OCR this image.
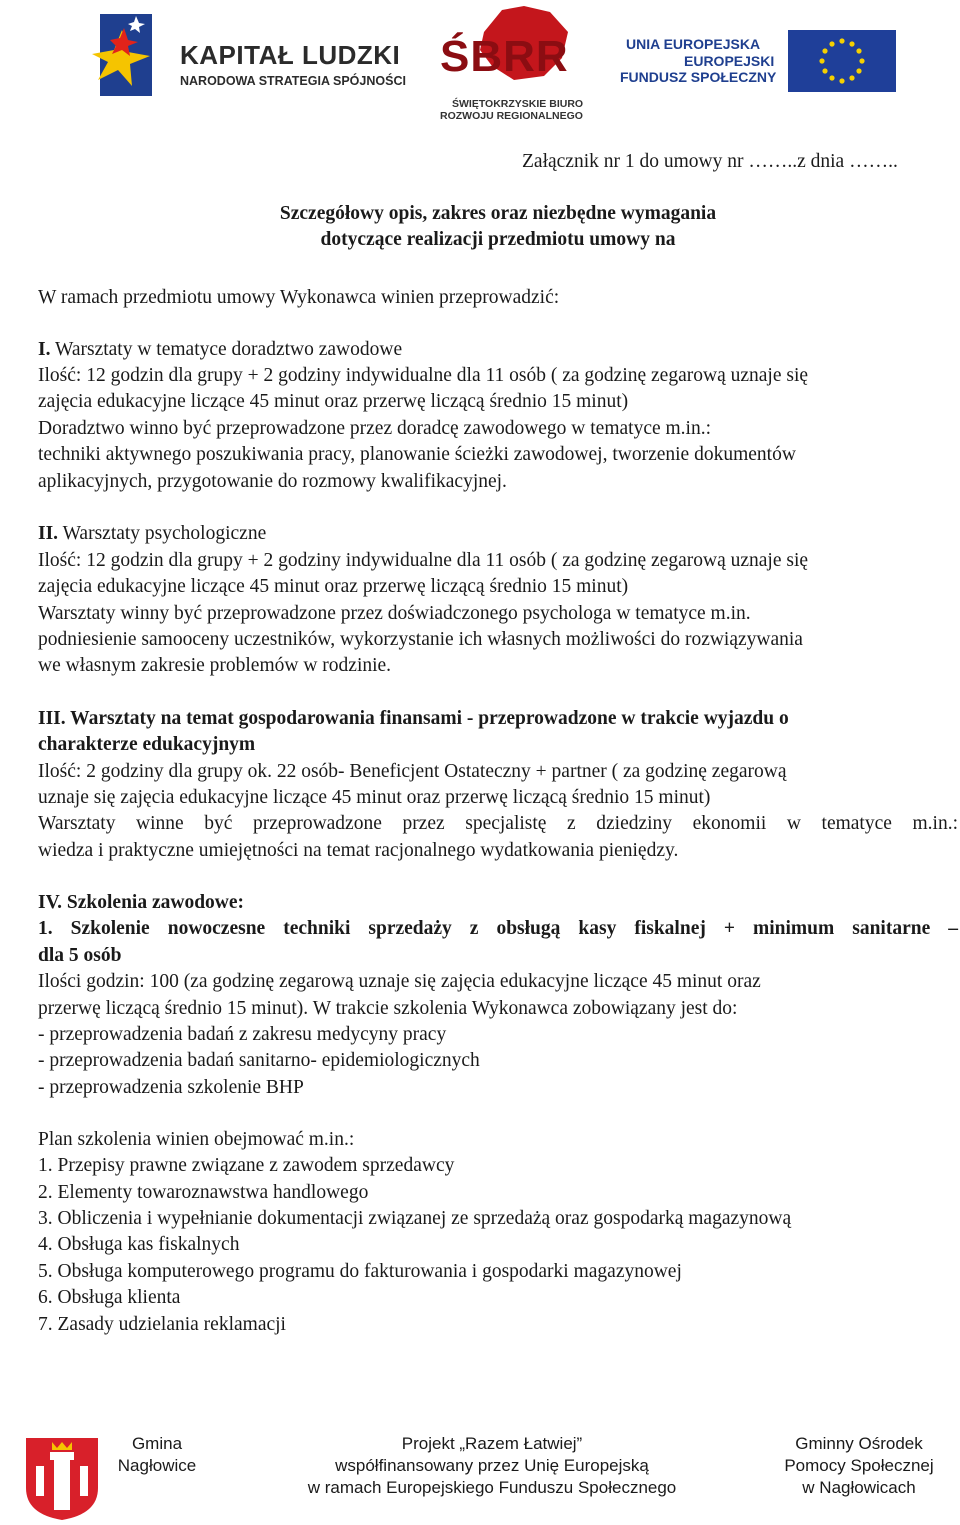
KAPITAŁ LUDZKI
NARODOWA STRATEGIA SPÓJNOŚCI ŚBRR
ŚWIĘTOKRZYSKIE BIURO
ROZWOJU REGIONALNEGO
UNIA EUROPEJSKA
EUROPEJSKI
FUNDUSZ SPOŁECZNY
Załącznik nr 1 do umowy nr ……..z dnia ……..
Szczegółowy opis, zakres oraz niezbędne wymagania
dotyczące realizacji przedmiotu umowy na
W ramach przedmiotu umowy Wykonawca winien przeprowadzić:
I. Warsztaty w tematyce doradztwo zawodowe
Ilość: 12 godzin dla grupy + 2 godziny indywidualne dla 11 osób ( za godzinę zegarową uznaje się
zajęcia edukacyjne liczące 45 minut oraz przerwę liczącą średnio 15 minut)
Doradztwo winno być przeprowadzone przez doradcę zawodowego w tematyce m.in.:
techniki aktywnego poszukiwania pracy, planowanie ścieżki zawodowej, tworzenie dokumentów
aplikacyjnych, przygotowanie do rozmowy kwalifikacyjnej.
II. Warsztaty psychologiczne
Ilość: 12 godzin dla grupy + 2 godziny indywidualne dla 11 osób ( za godzinę zegarową uznaje się
zajęcia edukacyjne liczące 45 minut oraz przerwę liczącą średnio 15 minut)
Warsztaty winny być przeprowadzone przez doświadczonego psychologa w tematyce m.in.
podniesienie samooceny uczestników, wykorzystanie ich własnych możliwości do rozwiązywania
we własnym zakresie problemów w rodzinie.
III. Warsztaty na temat gospodarowania finansami - przeprowadzone w trakcie wyjazdu o
charakterze edukacyjnym
Ilość: 2 godziny dla grupy ok. 22 osób- Beneficjent Ostateczny + partner ( za godzinę zegarową
uznaje się zajęcia edukacyjne liczące 45 minut oraz przerwę liczącą średnio 15 minut)
Warsztaty winne być przeprowadzone przez specjalistę z dziedziny ekonomii w tematyce m.in.:
wiedza i praktyczne umiejętności na temat racjonalnego wydatkowania pieniędzy.
IV. Szkolenia zawodowe:
1. Szkolenie nowoczesne techniki sprzedaży z obsługą kasy fiskalnej + minimum sanitarne –
dla 5 osób
Ilości godzin: 100 (za godzinę zegarową uznaje się zajęcia edukacyjne liczące 45 minut oraz
przerwę liczącą średnio 15 minut). W trakcie szkolenia Wykonawca zobowiązany jest do:
- przeprowadzenia badań z zakresu medycyny pracy
- przeprowadzenia badań sanitarno- epidemiologicznych
- przeprowadzenia szkolenie BHP
Plan szkolenia winien obejmować m.in.:
1. Przepisy prawne związane z zawodem sprzedawcy
2. Elementy towaroznawstwa handlowego
3. Obliczenia i wypełnianie dokumentacji związanej ze sprzedażą oraz gospodarką magazynową
4. Obsługa kas fiskalnych
5. Obsługa komputerowego programu do fakturowania i gospodarki magazynowej
6. Obsługa klienta
7. Zasady udzielania reklamacji
Gmina
Nagłowice
Projekt „Razem Łatwiej”
współfinansowany przez Unię Europejską
w ramach Europejskiego Funduszu Społecznego
Gminny Ośrodek
Pomocy Społecznej
w Nagłowicach
